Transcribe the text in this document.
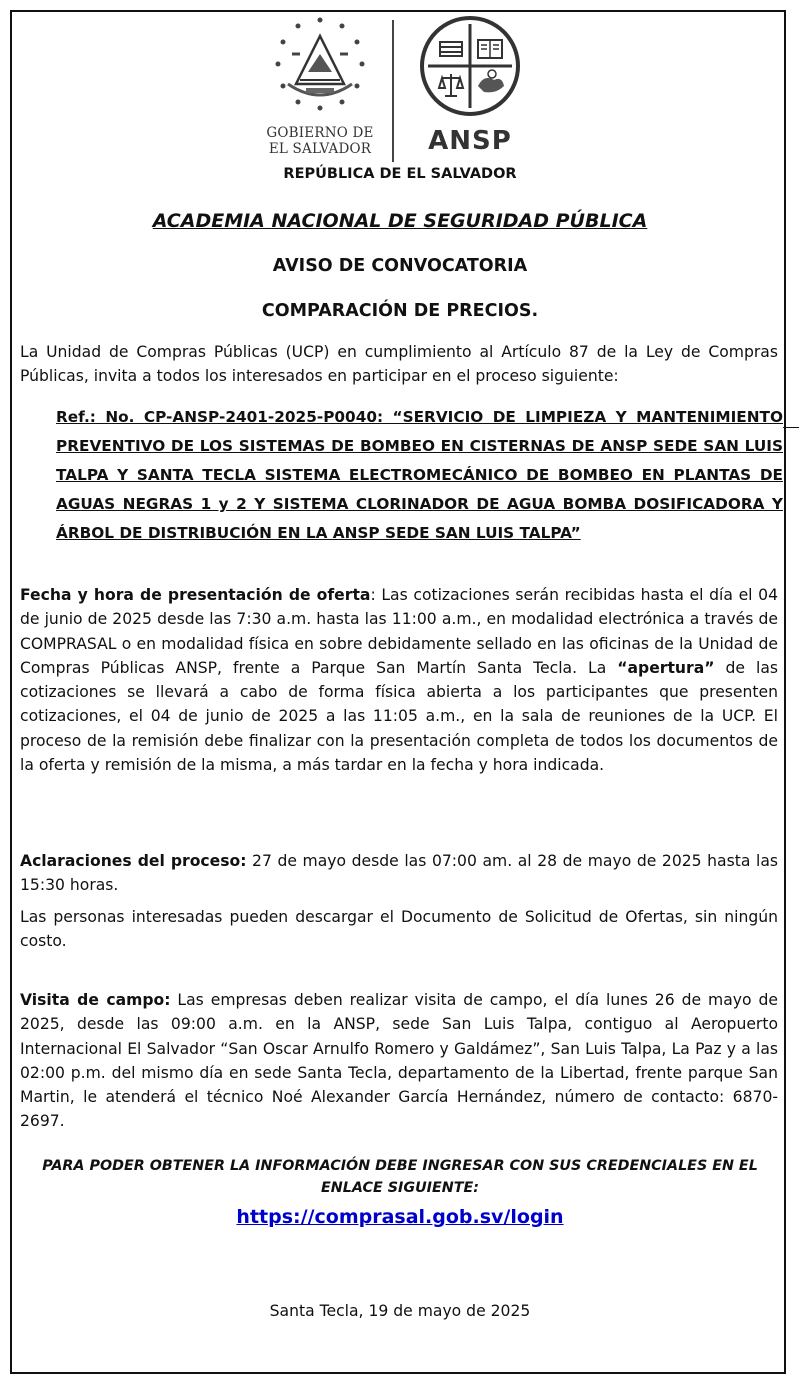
GOBIERNO DE
EL SALVADOR	ANSP
REPÚBLICA DE EL SALVADOR
ACADEMIA NACIONAL DE SEGURIDAD PÚBLICA
AVISO DE CONVOCATORIA
COMPARACIÓN DE PRECIOS.
La Unidad de Compras Públicas (UCP) en cumplimiento al Artículo 87 de la Ley de Compras Públicas, invita a todos los interesados en participar en el proceso siguiente:
Ref.: No. CP-ANSP-2401-2025-P0040: “SERVICIO DE LIMPIEZA Y MANTENIMIENTO PREVENTIVO DE LOS SISTEMAS DE BOMBEO EN CISTERNAS DE ANSP SEDE SAN LUIS TALPA Y SANTA TECLA SISTEMA ELECTROMECÁNICO DE BOMBEO EN PLANTAS DE AGUAS NEGRAS 1 y 2 Y SISTEMA CLORINADOR DE AGUA BOMBA DOSIFICADORA Y ÁRBOL DE DISTRIBUCIÓN EN LA ANSP SEDE SAN LUIS TALPA”
Fecha y hora de presentación de oferta: Las cotizaciones serán recibidas hasta el día el 04 de junio de 2025 desde las 7:30 a.m. hasta las 11:00 a.m., en modalidad electrónica a través de COMPRASAL o en modalidad física en sobre debidamente sellado en las oficinas de la Unidad de Compras Públicas ANSP, frente a Parque San Martín Santa Tecla. La “apertura” de las cotizaciones se llevará a cabo de forma física abierta a los participantes que presenten cotizaciones, el 04 de junio de 2025 a las 11:05 a.m., en la sala de reuniones de la UCP. El proceso de la remisión debe finalizar con la presentación completa de todos los documentos de la oferta y remisión de la misma, a más tardar en la fecha y hora indicada.
Aclaraciones del proceso: 27 de mayo desde las 07:00 am. al 28 de mayo de 2025 hasta las 15:30 horas.
Las personas interesadas pueden descargar el Documento de Solicitud de Ofertas, sin ningún costo.
Visita de campo: Las empresas deben realizar visita de campo, el día lunes 26 de mayo de 2025, desde las 09:00 a.m. en la ANSP, sede San Luis Talpa, contiguo al Aeropuerto Internacional El Salvador “San Oscar Arnulfo Romero y Galdámez”, San Luis Talpa, La Paz y a las 02:00 p.m. del mismo día en sede Santa Tecla, departamento de la Libertad, frente parque San Martin, le atenderá el técnico Noé Alexander García Hernández, número de contacto: 6870-2697.
PARA PODER OBTENER LA INFORMACIÓN DEBE INGRESAR CON SUS CREDENCIALES EN EL ENLACE SIGUIENTE:
https://comprasal.gob.sv/login
Santa Tecla, 19 de mayo de 2025
